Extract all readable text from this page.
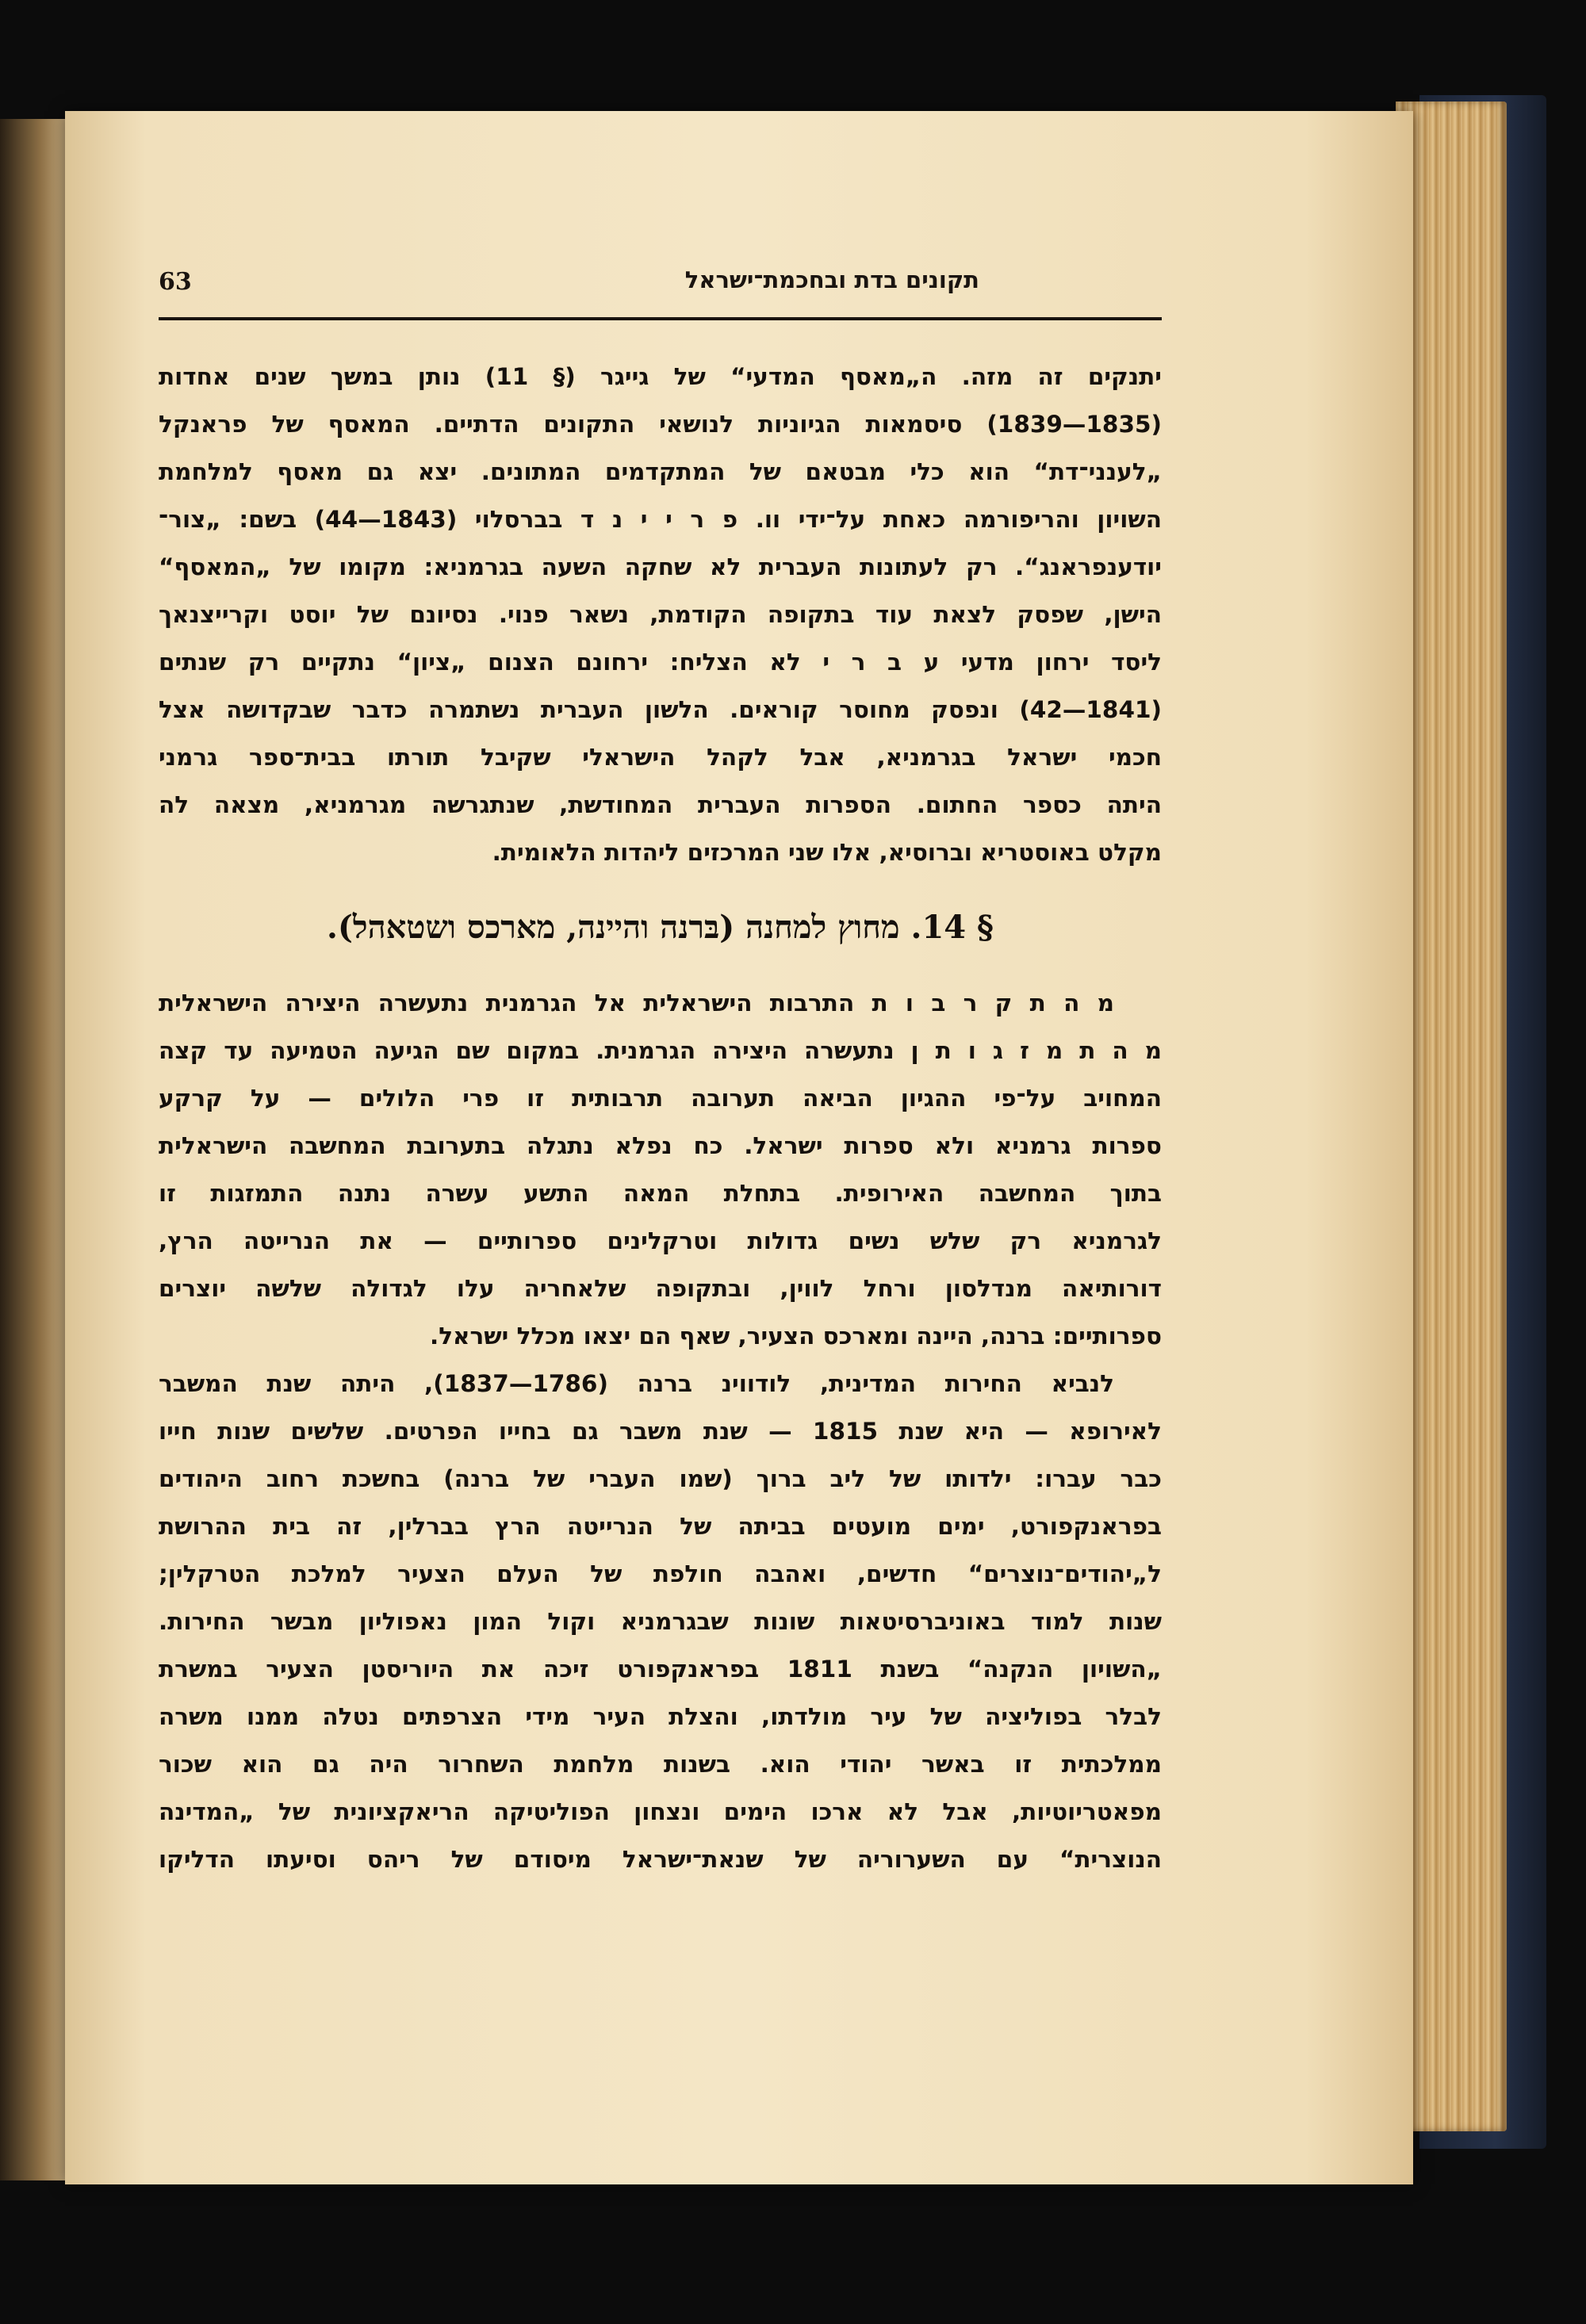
63	תקונים בדת ובחכמת־ישראל
יתנקים זה מזה. ה„מאסף המדעי“ של גייגר (§ 11) נותן במשך שנים אחדות
(1835—1839) סיסמאות הגיוניות לנושאי התקונים הדתיים. המאסף של פראנקל
„לענני־דת“ הוא כלי מבטאם של המתקדמים המתונים. יצא גם מאסף למלחמת
השויון והריפורמה כאחת על־ידי וו. פ ר י י נ ד בברסלוי (1843—44) בשם: „צור־
יודענפראנג“. רק לעתונות העברית לא שחקה השעה בגרמניא: מקומו של „המאסף“
הישן, שפסק לצאת עוד בתקופה הקודמת, נשאר פנוי. נסיונם של יוסט וקרייצנאך
ליסד ירחון מדעי ע ב ר י לא הצליח: ירחונם הצנום „ציון“ נתקיים רק שנתים
(1841—42) ונפסק מחוסר קוראים. הלשון העברית נשתמרה כדבר שבקדושה אצל
חכמי ישראל בגרמניא, אבל לקהל הישראלי שקיבל תורתו בבית־ספר גרמני
היתה כספר החתום. הספרות העברית המחודשת, שנתגרשה מגרמניא, מצאה לה
מקלט באוסטריא וברוסיא, אלו שני המרכזים ליהדות הלאומית.
§ 14. מחוץ למחנה (בּרנה והיינה, מארכס ושטאהל).
מ ה ת ק ר ב ו ת התרבות הישראלית אל הגרמנית נתעשרה היצירה הישראלית
מ ה ת מ ז ג ו ת ן נתעשרה היצירה הגרמנית. במקום שם הגיעה הטמיעה עד קצה
המחויב על־פי ההגיון הביאה תערובה תרבותית זו פרי הלולים — על קרקע
ספרות גרמניא ולא ספרות ישראל. כח נפלא נתגלה בתערובת המחשבה הישראלית
בתוך המחשבה האירופית. בתחלת המאה התשע עשרה נתנה התמזגות זו
לגרמניא רק שלש נשים גדולות וטרקלינים ספרותיים — את הנרייטה הרץ,
דורותיאה מנדלסון ורחל לווין, ובתקופה שלאחריה עלו לגדולה שלשה יוצרים
ספרותיים: ברנה, היינה ומארכס הצעיר, שאף הם יצאו מכלל ישראל.
לנביא החירות המדינית, לודווינ ברנה (1786—1837), היתה שנת המשבר
לאירופא — היא שנת 1815 — שנת משבר גם בחייו הפרטים. שלשים שנות חייו
כבר עברו: ילדותו של ליב ברוך (שמו העברי של ברנה) בחשכת רחוב היהודים
בפראנקפורט, ימים מועטים בביתה של הנרייטה הרץ בברלין, זה בית ההרושת
ל„יהודים־נוצרים“ חדשים, ואהבה חולפת של העלם הצעיר למלכת הטרקלין;
שנות למוד באוניברסיטאות שונות שבגרמניא וקול המון נאפוליון מבשר החירות.
„השויון הנקנה“ בשנת 1811 בפראנקפורט זיכה את היוריסטן הצעיר במשרת
לבלר בפוליציה של עיר מולדתו, והצלת העיר מידי הצרפתים נטלה ממנו משרה
ממלכתית זו באשר יהודי הוא. בשנות מלחמת השחרור היה גם הוא שכור
מפאטריוטיות, אבל לא ארכו הימים ונצחון הפוליטיקה הריאקציונית של „המדינה
הנוצרית“ עם השערוריה של שנאת־ישראל מיסודם של ריהס וסיעתו הדליקו
